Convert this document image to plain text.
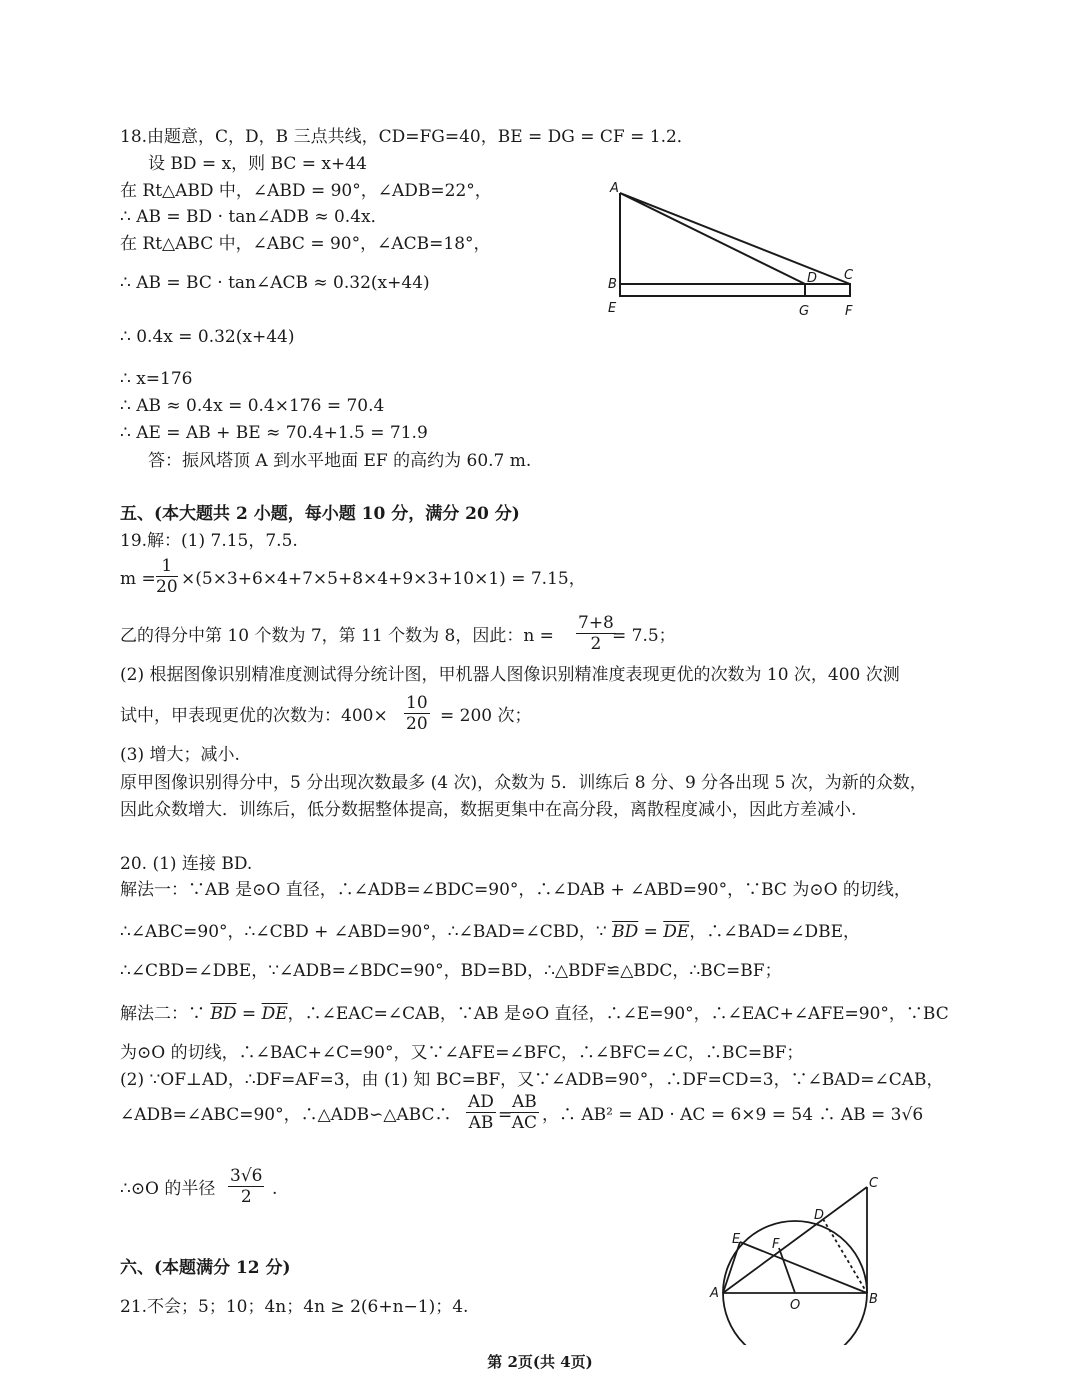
18.由题意，C，D，B 三点共线，CD=FG=40，BE = DG = CF = 1.2．
设 BD = x，则 BC = x+44
在 Rt△ABD 中，∠ABD = 90°，∠ADB=22°，
∴ AB = BD · tan∠ADB ≈ 0.4x．
在 Rt△ABC 中，∠ABC = 90°，∠ACB=18°，
∴ AB = BC · tan∠ACB ≈ 0.32(x+44)
∴ 0.4x = 0.32(x+44)
∴ x=176
∴ AB ≈ 0.4x = 0.4×176 = 70.4
∴ AE = AB + BE ≈ 70.4+1.5 = 71.9
答：振风塔顶 A 到水平地面 EF 的高约为 60.7 m.
A
B
E
D C
G	F
五、(本大题共 2 小题，每小题 10 分，满分 20 分)
19.解：(1) 7.15，7.5.
$m = \frac{1}{20} \times(5\times 3+6\times 4+7\times 5+8\times 4+9\times 3+10\times 1) = 7.15$，
乙的得分中第 10 个数为 7，第 11 个数为 8，因此：$n = \frac{7+8}{2}$
= 7.5；
(2) 根据图像识别精准度测试得分统计图，甲机器人图像识别精准度表现更优的次数为 10 次，400 次测
试中，甲表现更优的次数为：$400\times \frac{10}{20} = 200$ 次；
(3) 增大；减小.
原甲图像识别得分中，5 分出现次数最多 (4 次)，众数为 5．训练后 8 分、9 分各出现 5 次，为新的众数，
因此众数增大．训练后，低分数据整体提高，数据更集中在高分段，离散程度减小，因此方差减小.
20. (1) 连接 BD.
解法一：∵AB 是⊙O 直径，∴∠ADB=∠BDC=90°，∴∠DAB + ∠ABD=90°，∵BC 为⊙O 的切线，
∴∠ABC=90°，∴∠CBD + ∠ABD=90°，∴∠BAD=∠CBD，∵ $\overline{BD} = \overline{DE}$，∴∠BAD=∠DBE，
∴∠CBD=∠DBE，∵∠ADB=∠BDC=90°，BD=BD，∴△BDF≌△BDC，∴BC=BF；
解法二：∵ $\overline{BD} = \overline{DE}$，∴∠EAC=∠CAB，∵AB 是⊙O 直径，∴∠E=90°，∴∠EAC+∠AFE=90°，∵BC
为⊙O 的切线，∴∠BAC+∠C=90°，又∵∠AFE=∠BFC，∴∠BFC=∠C，∴BC=BF；
(2) ∵OF⊥AD，∴DF=AF=3，由 (1) 知 BC=BF，又∵∠ADB=90°，∴DF=CD=3，∵∠BAD=∠CAB，
∠ADB=∠ABC=90°，∴△ADB∽△ABC∴ $\frac{AD}{AB}$ =
$\frac{AB}{AC}$ ，∴ AB² = AD · AC = 6×9 = 54 ∴ AB = 3√6
∴⊙O 的半径 $\frac{3√6}{2}$ .	C
D
E F
A
O	B
六、(本题满分 12 分)
21.不会；5；10；4n；4n ≥ 2(6+n−1)；4.
第 2页(共 4页)
